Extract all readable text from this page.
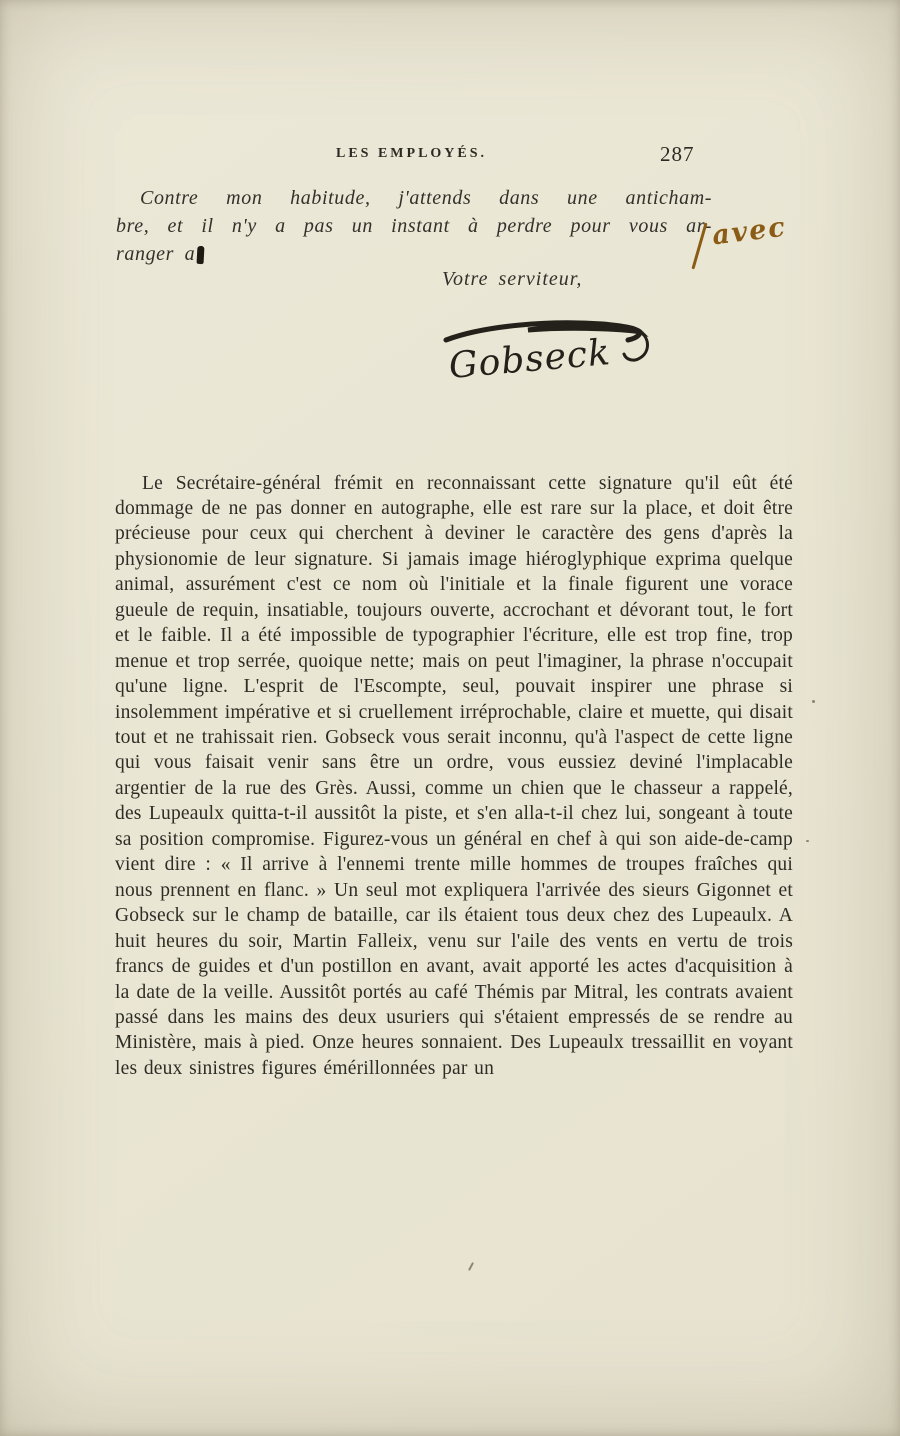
LES EMPLOYÉS.	287
Contre mon habitude, j'attends dans une anticham-
bre, et il n'y a pas un instant à perdre pour vous ar-
ranger a
avec
Votre serviteur,
Gobseck

Le Secrétaire-général frémit en reconnaissant cette signature qu'il eût été dommage de ne pas donner en autographe, elle est rare sur la place, et doit être précieuse pour ceux qui cherchent à deviner le caractère des gens d'après la physionomie de leur signature. Si jamais image hiéroglyphique exprima quelque animal, assurément c'est ce nom où l'initiale et la finale figurent une vorace gueule de requin, insatiable, toujours ouverte, accrochant et dévorant tout, le fort et le faible. Il a été impossible de typographier l'écriture, elle est trop fine, trop menue et trop serrée, quoique nette; mais on peut l'imaginer, la phrase n'occupait qu'une ligne. L'esprit de l'Escompte, seul, pouvait inspirer une phrase si insolemment impérative et si cruellement irréprochable, claire et muette, qui disait tout et ne trahissait rien. Gobseck vous serait inconnu, qu'à l'aspect de cette ligne qui vous faisait venir sans être un ordre, vous eussiez deviné l'implacable argentier de la rue des Grès. Aussi, comme un chien que le chasseur a rappelé, des Lupeaulx quitta-t-il aussitôt la piste, et s'en alla-t-il chez lui, songeant à toute sa position compromise. Figurez-vous un général en chef à qui son aide-de-camp vient dire : « Il arrive à l'ennemi trente mille hommes de troupes fraîches qui nous prennent en flanc. » Un seul mot expliquera l'arrivée des sieurs Gigonnet et Gobseck sur le champ de bataille, car ils étaient tous deux chez des Lupeaulx. A huit heures du soir, Martin Falleix, venu sur l'aile des vents en vertu de trois francs de guides et d'un postillon en avant, avait apporté les actes d'acquisition à la date de la veille. Aussitôt portés au café Thémis par Mitral, les contrats avaient passé dans les mains des deux usuriers qui s'étaient empressés de se rendre au Ministère, mais à pied. Onze heures sonnaient. Des Lupeaulx tressaillit en voyant les deux sinistres figures émérillonnées par un
